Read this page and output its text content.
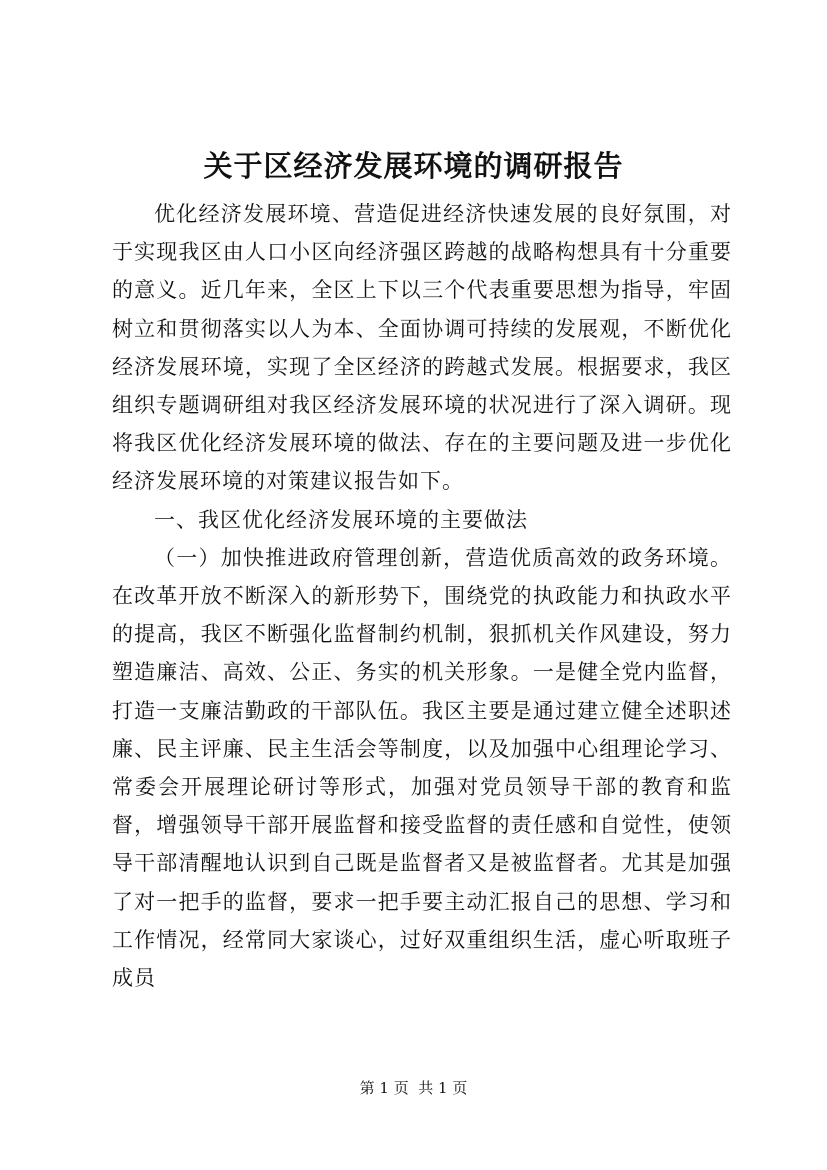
关于区经济发展环境的调研报告

优化经济发展环境、营造促进经济快速发展的良好氛围，对于实现我区由人口小区向经济强区跨越的战略构想具有十分重要的意义。近几年来，全区上下以三个代表重要思想为指导，牢固树立和贯彻落实以人为本、全面协调可持续的发展观，不断优化经济发展环境，实现了全区经济的跨越式发展。根据要求，我区组织专题调研组对我区经济发展环境的状况进行了深入调研。现将我区优化经济发展环境的做法、存在的主要问题及进一步优化经济发展环境的对策建议报告如下。

一、我区优化经济发展环境的主要做法

（一）加快推进政府管理创新，营造优质高效的政务环境。在改革开放不断深入的新形势下，围绕党的执政能力和执政水平的提高，我区不断强化监督制约机制，狠抓机关作风建设，努力塑造廉洁、高效、公正、务实的机关形象。一是健全党内监督，打造一支廉洁勤政的干部队伍。我区主要是通过建立健全述职述廉、民主评廉、民主生活会等制度，以及加强中心组理论学习、常委会开展理论研讨等形式，加强对党员领导干部的教育和监督，增强领导干部开展监督和接受监督的责任感和自觉性，使领导干部清醒地认识到自己既是监督者又是被监督者。尤其是加强了对一把手的监督，要求一把手要主动汇报自己的思想、学习和工作情况，经常同大家谈心，过好双重组织生活，虚心听取班子成员

第 1 页  共 1 页
